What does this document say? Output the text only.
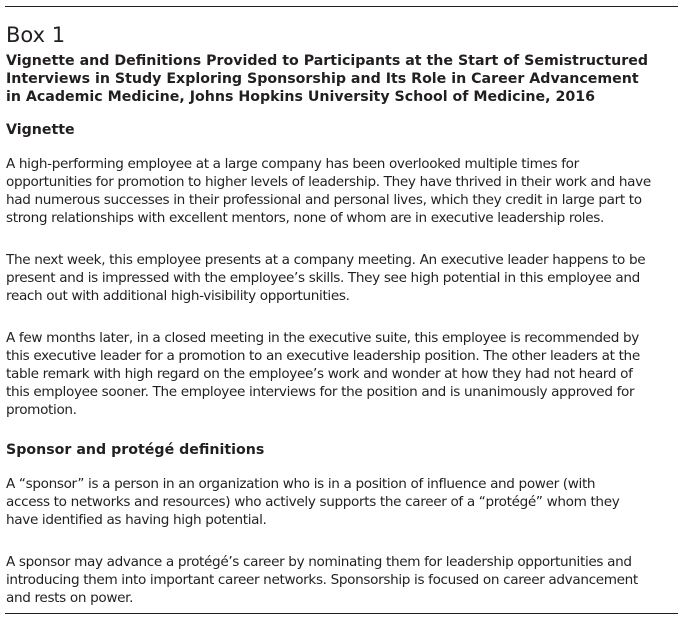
Box 1
Vignette and Definitions Provided to Participants at the Start of Semistructured
Interviews in Study Exploring Sponsorship and Its Role in Career Advancement
in Academic Medicine, Johns Hopkins University School of Medicine, 2016
Vignette
A high-performing employee at a large company has been overlooked multiple times for
opportunities for promotion to higher levels of leadership. They have thrived in their work and have
had numerous successes in their professional and personal lives, which they credit in large part to
strong relationships with excellent mentors, none of whom are in executive leadership roles.
The next week, this employee presents at a company meeting. An executive leader happens to be
present and is impressed with the employee’s skills. They see high potential in this employee and
reach out with additional high-visibility opportunities.
A few months later, in a closed meeting in the executive suite, this employee is recommended by
this executive leader for a promotion to an executive leadership position. The other leaders at the
table remark with high regard on the employee’s work and wonder at how they had not heard of
this employee sooner. The employee interviews for the position and is unanimously approved for
promotion.
Sponsor and protégé definitions
A “sponsor” is a person in an organization who is in a position of influence and power (with
access to networks and resources) who actively supports the career of a “protégé” whom they
have identified as having high potential.
A sponsor may advance a protégé’s career by nominating them for leadership opportunities and
introducing them into important career networks. Sponsorship is focused on career advancement
and rests on power.
